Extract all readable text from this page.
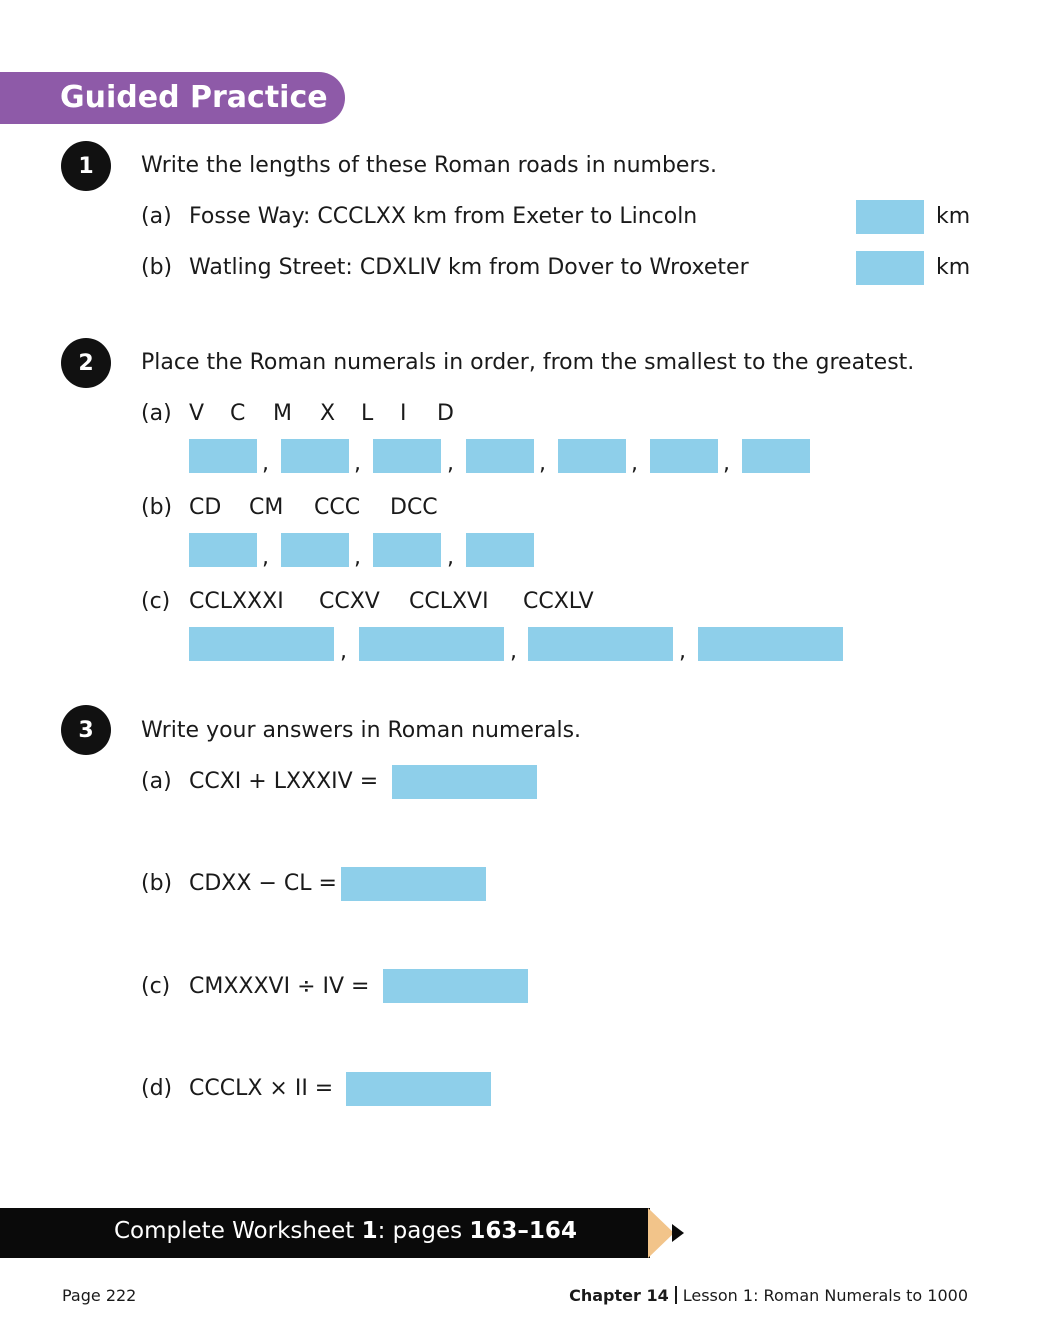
Guided Practice
1	Write the lengths of these Roman roads in numbers.
(a) Fosse Way: CCCLXX km from Exeter to Lincoln	km
(b) Watling Street: CDXLIV km from Dover to Wroxeter	km
2	Place the Roman numerals in order, from the smallest to the greatest.
(a) V C M X L I D
,	,	,	,	,	,
(b) CD CM CCC DCC
,	,	,
(c) CCLXXXI CCXV CCLXVI CCXLV
,	,	,
3	Write your answers in Roman numerals.
(a) CCXI + LXXXIV =
(b) CDXX − CL =
(c) CMXXXVI ÷ IV =
(d) CCCLX × II =
Complete Worksheet 1: pages 163–164
Page 222	Chapter 14 Lesson 1: Roman Numerals to 1000
